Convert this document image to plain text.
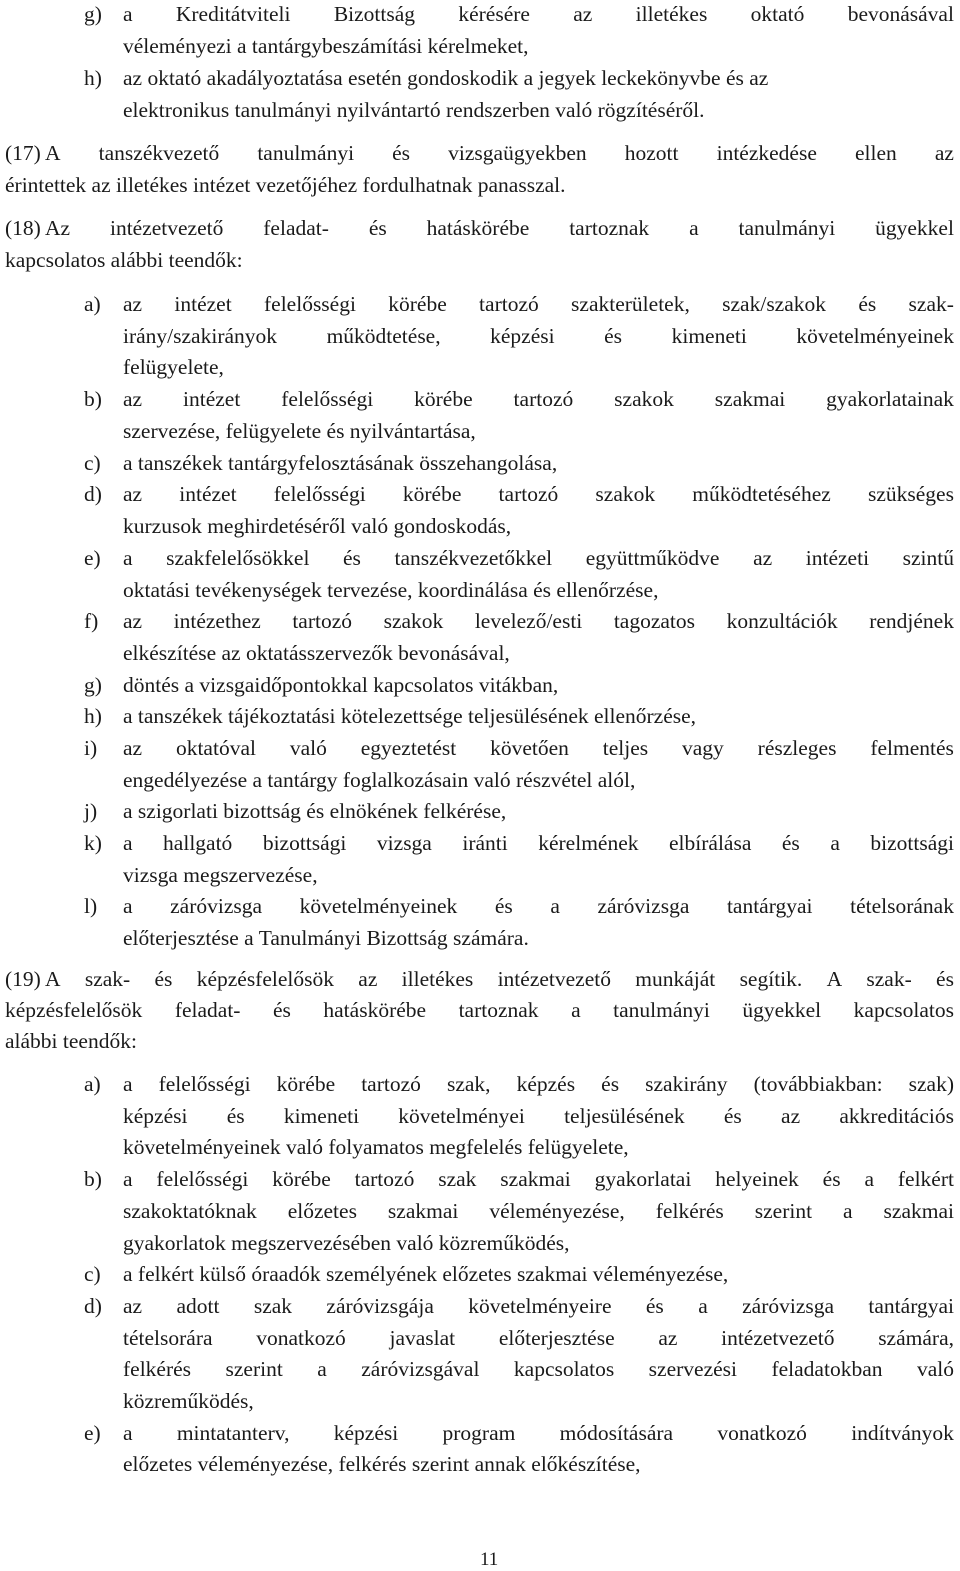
g) a Kreditátviteli Bizottság kérésére az illetékes oktató bevonásával
véleményezi a tantárgybeszámítási kérelmeket,
h) az oktató akadályoztatása esetén gondoskodik a jegyek leckekönyvbe és az
elektronikus tanulmányi nyilvántartó rendszerben való rögzítéséről.
(17) A tanszékvezető tanulmányi és vizsgaügyekben hozott intézkedése ellen az
érintettek az illetékes intézet vezetőjéhez fordulhatnak panasszal.
(18) Az intézetvezető feladat- és hatáskörébe tartoznak a tanulmányi ügyekkel
kapcsolatos alábbi teendők:
a) az intézet felelősségi körébe tartozó szakterületek, szak/szakok és szak-
irány/szakirányok működtetése, képzési és kimeneti követelményeinek
felügyelete,
b) az intézet felelősségi körébe tartozó szakok szakmai gyakorlatainak
szervezése, felügyelete és nyilvántartása,
c) a tanszékek tantárgyfelosztásának összehangolása,
d) az intézet felelősségi körébe tartozó szakok működtetéséhez szükséges
kurzusok meghirdetéséről való gondoskodás,
e) a szakfelelősökkel és tanszékvezetőkkel együttműködve az intézeti szintű
oktatási tevékenységek tervezése, koordinálása és ellenőrzése,
f) az intézethez tartozó szakok levelező/esti tagozatos konzultációk rendjének
elkészítése az oktatásszervezők bevonásával,
g) döntés a vizsgaidőpontokkal kapcsolatos vitákban,
h) a tanszékek tájékoztatási kötelezettsége teljesülésének ellenőrzése,
i) az oktatóval való egyeztetést követően teljes vagy részleges felmentés
engedélyezése a tantárgy foglalkozásain való részvétel alól,
j) a szigorlati bizottság és elnökének felkérése,
k) a hallgató bizottsági vizsga iránti kérelmének elbírálása és a bizottsági
vizsga megszervezése,
l) a záróvizsga követelményeinek és a záróvizsga tantárgyai tételsorának
előterjesztése a Tanulmányi Bizottság számára.
(19) A szak- és képzésfelelősök az illetékes intézetvezető munkáját segítik. A szak- és
képzésfelelősök feladat- és hatáskörébe tartoznak a tanulmányi ügyekkel kapcsolatos
alábbi teendők:
a) a felelősségi körébe tartozó szak, képzés és szakirány (továbbiakban: szak)
képzési és kimeneti követelményei teljesülésének és az akkreditációs
követelményeinek való folyamatos megfelelés felügyelete,
b) a felelősségi körébe tartozó szak szakmai gyakorlatai helyeinek és a felkért
szakoktatóknak előzetes szakmai véleményezése, felkérés szerint a szakmai
gyakorlatok megszervezésében való közreműködés,
c) a felkért külső óraadók személyének előzetes szakmai véleményezése,
d) az adott szak záróvizsgája követelményeire és a záróvizsga tantárgyai
tételsorára vonatkozó javaslat előterjesztése az intézetvezető számára,
felkérés szerint a záróvizsgával kapcsolatos szervezési feladatokban való
közreműködés,
e) a mintatanterv, képzési program módosítására vonatkozó indítványok
előzetes véleményezése, felkérés szerint annak előkészítése,
11
